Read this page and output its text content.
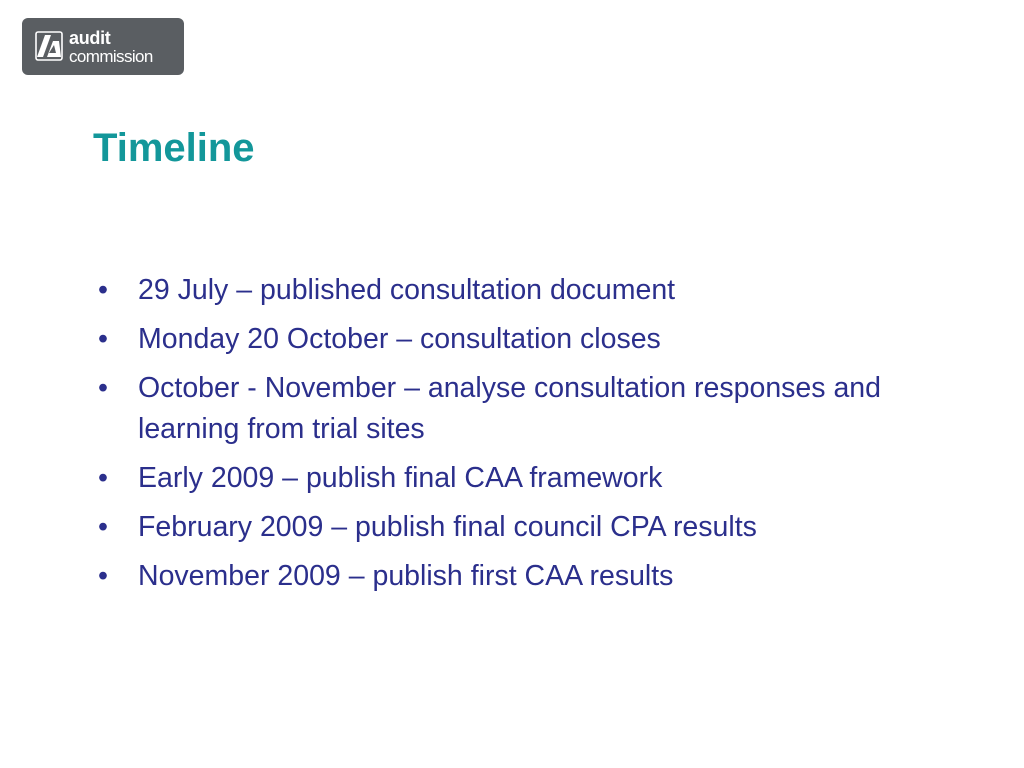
audit
commission
Timeline
• 29 July – published consultation document
• Monday 20 October – consultation closes
• October - November – analyse consultation responses and learning from trial sites
• Early 2009 – publish final CAA framework
• February 2009 – publish final council CPA results
• November 2009 – publish first CAA results
